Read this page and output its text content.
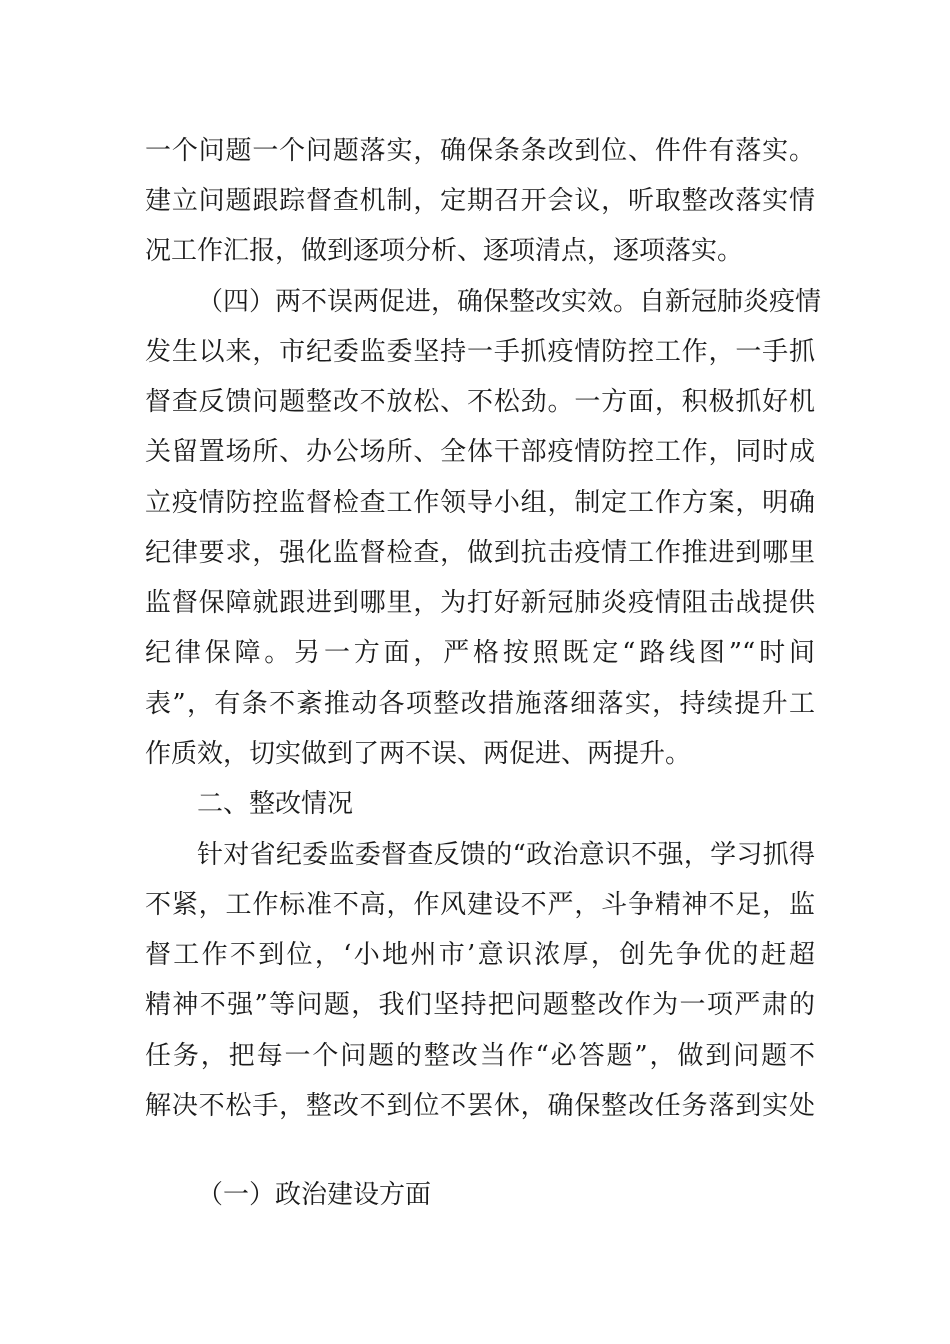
一个问题一个问题落实，确保条条改到位、件件有落实。
建立问题跟踪督查机制，定期召开会议，听取整改落实情
况工作汇报，做到逐项分析、逐项清点，逐项落实。
（四）两不误两促进，确保整改实效。自新冠肺炎疫情
发生以来，市纪委监委坚持一手抓疫情防控工作，一手抓
督查反馈问题整改不放松、不松劲。一方面，积极抓好机
关留置场所、办公场所、全体干部疫情防控工作，同时成
立疫情防控监督检查工作领导小组，制定工作方案，明确
纪律要求，强化监督检查，做到抗击疫情工作推进到哪里
监督保障就跟进到哪里，为打好新冠肺炎疫情阻击战提供
纪律保障。另一方面，严格按照既定“路线图”“时间
表”，有条不紊推动各项整改措施落细落实，持续提升工
作质效，切实做到了两不误、两促进、两提升。
二、整改情况
针对省纪委监委督查反馈的“政治意识不强，学习抓得
不紧，工作标准不高，作风建设不严，斗争精神不足，监
督工作不到位，‘小地州市’意识浓厚，创先争优的赶超
精神不强”等问题，我们坚持把问题整改作为一项严肃的
任务，把每一个问题的整改当作“必答题”，做到问题不
解决不松手，整改不到位不罢休，确保整改任务落到实处
（一）政治建设方面
